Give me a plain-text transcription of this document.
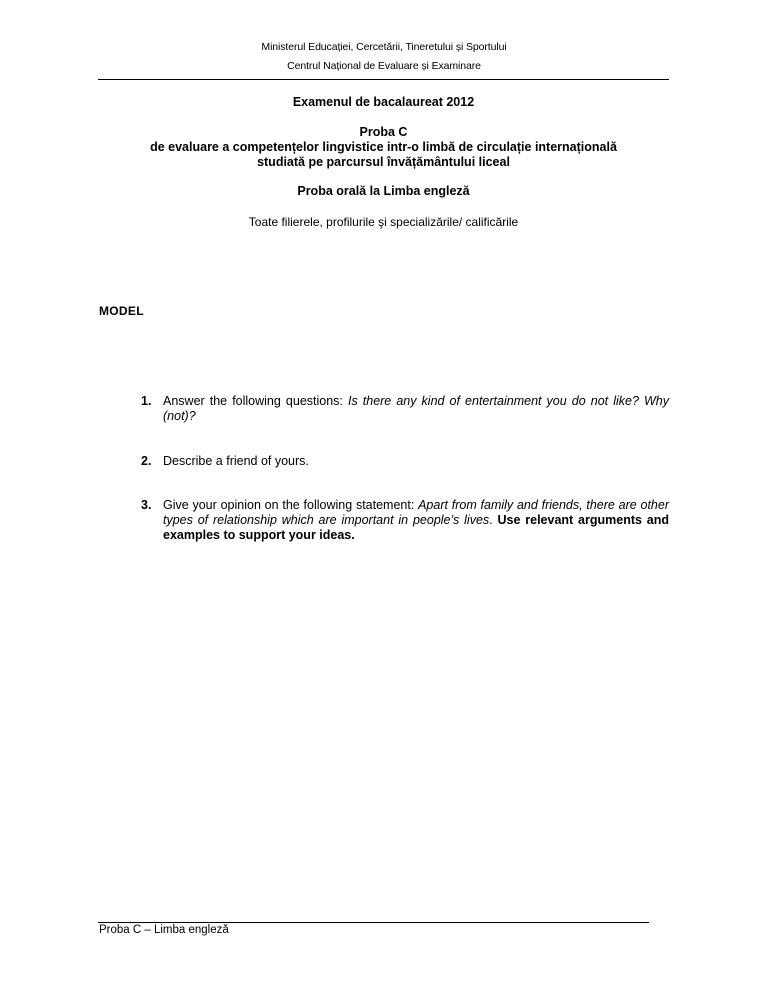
Ministerul Educației, Cercetării, Tineretului și Sportului
Centrul Național de Evaluare și Examinare
Examenul de bacalaureat 2012
Proba C
de evaluare a competențelor lingvistice intr-o limbă de circulație internațională
studiată pe parcursul învățământului liceal
Proba orală la Limba engleză
Toate filierele, profilurile şi specializările/ calificările
MODEL
1. Answer the following questions: Is there any kind of entertainment you do not like? Why (not)?
2. Describe a friend of yours.
3. Give your opinion on the following statement: Apart from family and friends, there are other types of relationship which are important in people’s lives. Use relevant arguments and examples to support your ideas.
Proba C – Limba engleză
